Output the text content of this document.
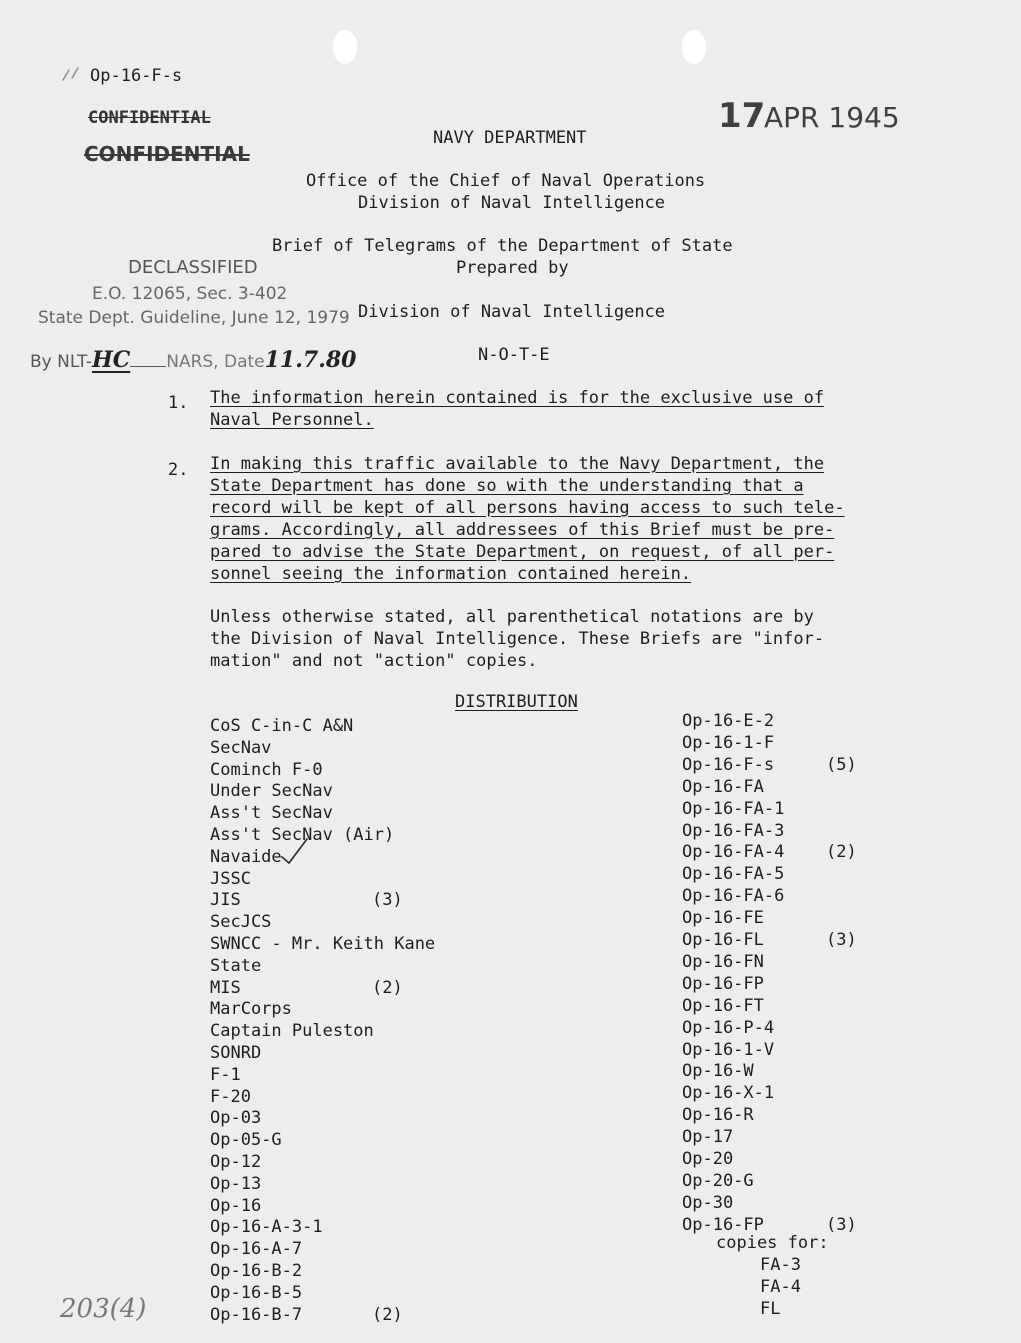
Op-16-F-s
CONFIDENTIAL
CONFIDENTIAL
17
APR 1945
NAVY DEPARTMENT
Office of the Chief of Naval Operations
Division of Naval Intelligence
Brief of Telegrams of the Department of State
Prepared by
Division of Naval Intelligence
DECLASSIFIED
E.O. 12065, Sec. 3-402
State Dept. Guideline, June 12, 1979
By NLT-HC NARS, Date11.7.80	N-O-T-E
1. The information herein contained is for the exclusive use of
Naval Personnel.
2. In making this traffic available to the Navy Department, the
State Department has done so with the understanding that a
record will be kept of all persons having access to such tele-
grams. Accordingly, all addressees of this Brief must be pre-
pared to advise the State Department, on request, of all per-
sonnel seeing the information contained herein.
Unless otherwise stated, all parenthetical notations are by
the Division of Naval Intelligence. These Briefs are "infor-
mation" and not "action" copies.
DISTRIBUTION
copies for:
FA-3
FA-4
FL
203(4)
CoS C-in-C A&N
SecNav
Cominch F-0
Under SecNav
Ass't SecNav
Ass't SecNav (Air)
Navaide
JSSC
JIS	(3)
SecJCS
SWNCC - Mr. Keith Kane
State
MIS	(2)
MarCorps
Captain Puleston
SONRD
F-1
F-20
Op-03
Op-05-G
Op-12
Op-13
Op-16
Op-16-A-3-1
Op-16-A-7
Op-16-B-2
Op-16-B-5
Op-16-B-7	(2)
Op-16-E-2
Op-16-1-F
Op-16-F-s	(5)
Op-16-FA
Op-16-FA-1
Op-16-FA-3
Op-16-FA-4 (2)
Op-16-FA-5
Op-16-FA-6
Op-16-FE
Op-16-FL	(3)
Op-16-FN
Op-16-FP
Op-16-FT
Op-16-P-4
Op-16-1-V
Op-16-W
Op-16-X-1
Op-16-R
Op-17
Op-20
Op-20-G
Op-30
Op-16-FP	(3)
